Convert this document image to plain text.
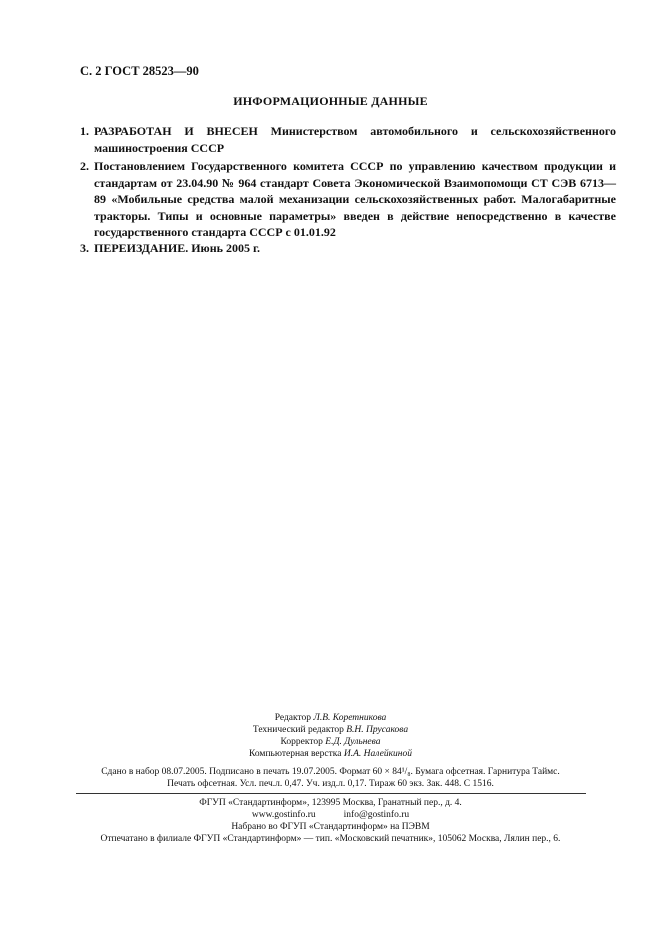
С. 2 ГОСТ 28523—90
ИНФОРМАЦИОННЫЕ ДАННЫЕ
1. РАЗРАБОТАН И ВНЕСЕН Министерством автомобильного и сельскохозяйственного машиностроения СССР
2. Постановлением Государственного комитета СССР по управлению качеством продукции и стандартам от 23.04.90 № 964 стандарт Совета Экономической Взаимопомощи СТ СЭВ 6713—89 «Мобильные средства малой механизации сельскохозяйственных работ. Малогабаритные тракторы. Типы и основные параметры» введен в действие непосредственно в качестве государственного стандарта СССР с 01.01.92
3. ПЕРЕИЗДАНИЕ. Июнь 2005 г.
Редактор Л.В. Коретникова
Технический редактор В.Н. Прусакова
Корректор Е.Д. Дульнева
Компьютерная верстка И.А. Налейкиной
Сдано в набор 08.07.2005. Подписано в печать 19.07.2005. Формат 60 × 84¹/₈. Бумага офсетная. Гарнитура Таймс.
Печать офсетная. Усл. печ.л. 0,47. Уч. изд.л. 0,17. Тираж 60 экз. Зак. 448. С 1516.
ФГУП «Стандартинформ», 123995 Москва, Гранатный пер., д. 4.
www.gostinfo.ru	info@gostinfo.ru
Набрано во ФГУП «Стандартинформ» на ПЭВМ
Отпечатано в филиале ФГУП «Стандартинформ» — тип. «Московский печатник», 105062 Москва, Лялин пер., 6.
